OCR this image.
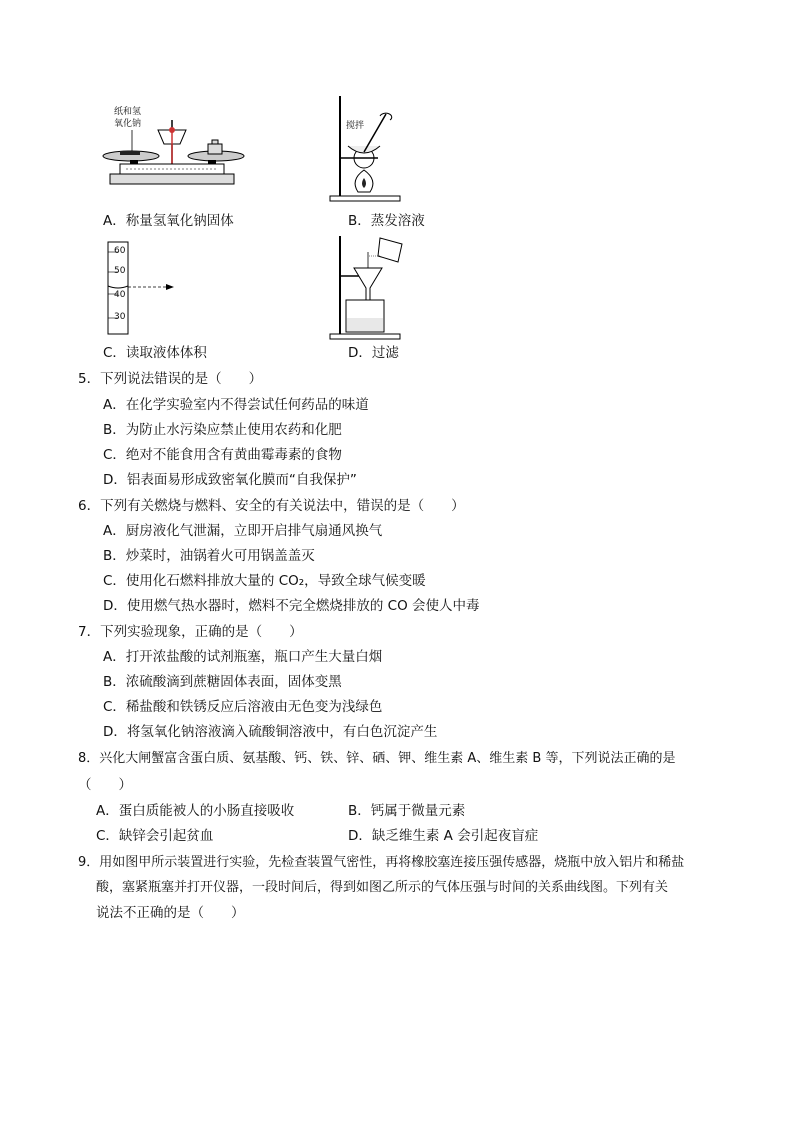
纸和氢
氧化钠
A．称量氢氧化钠固体
搅拌
B．蒸发溶液
60
50
40
30
C．读取液体体积	D．过滤
5．下列说法错误的是（　　）
A．在化学实验室内不得尝试任何药品的味道
B．为防止水污染应禁止使用农药和化肥
C．绝对不能食用含有黄曲霉毒素的食物
D．铝表面易形成致密氧化膜而“自我保护”
6．下列有关燃烧与燃料、安全的有关说法中，错误的是（　　）
A．厨房液化气泄漏，立即开启排气扇通风换气
B．炒菜时，油锅着火可用锅盖盖灭
C．使用化石燃料排放大量的 CO₂，导致全球气候变暖
D．使用燃气热水器时，燃料不完全燃烧排放的 CO 会使人中毒
7．下列实验现象，正确的是（　　）
A．打开浓盐酸的试剂瓶塞，瓶口产生大量白烟
B．浓硫酸滴到蔗糖固体表面，固体变黑
C．稀盐酸和铁锈反应后溶液由无色变为浅绿色
D．将氢氧化钠溶液滴入硫酸铜溶液中，有白色沉淀产生
8．兴化大闸蟹富含蛋白质、氨基酸、钙、铁、锌、硒、钾、维生素 A、维生素 B 等，下列说法正确的是
（　　）
A．蛋白质能被人的小肠直接吸收	B．钙属于微量元素
C．缺锌会引起贫血	D．缺乏维生素 A 会引起夜盲症
9．用如图甲所示装置进行实验，先检查装置气密性，再将橡胶塞连接压强传感器，烧瓶中放入铝片和稀盐
酸，塞紧瓶塞并打开仪器，一段时间后，得到如图乙所示的气体压强与时间的关系曲线图。下列有关
说法不正确的是（　　）
